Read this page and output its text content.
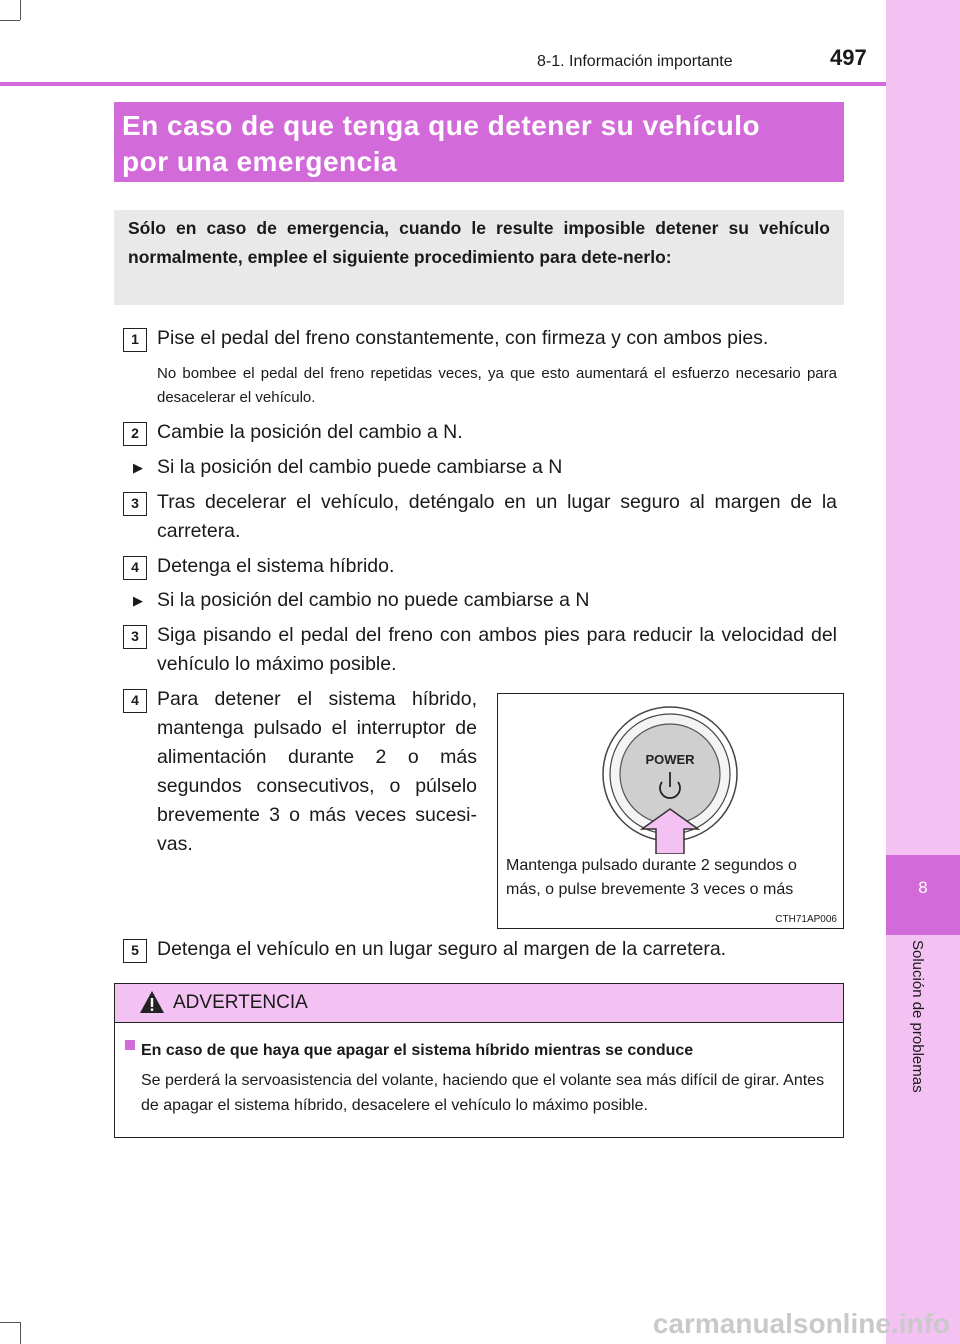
8
Solución de problemas
8-1. Información importante	497
En caso de que tenga que detener su vehículo
por una emergencia
Sólo en caso de emergencia, cuando le resulte imposible detener su vehículo normalmente, emplee el siguiente procedimiento para dete-nerlo:
1 Pise el pedal del freno constantemente, con firmeza y con ambos pies.
No bombee el pedal del freno repetidas veces, ya que esto aumentará el esfuerzo necesario para desacelerar el vehículo.
2 Cambie la posición del cambio a N.
▶ Si la posición del cambio puede cambiarse a N
3 Tras decelerar el vehículo, deténgalo en un lugar seguro al margen de la carretera.
4 Detenga el sistema híbrido.
▶ Si la posición del cambio no puede cambiarse a N
3 Siga pisando el pedal del freno con ambos pies para reducir la velocidad del vehículo lo máximo posible.
4 Para detener el sistema híbrido, mantenga pulsado el interruptor de alimentación durante 2 o más segundos consecutivos, o púlselo brevemente 3 o más veces sucesi-vas.
POWER
Mantenga pulsado durante 2 segundos o
más, o pulse brevemente 3 veces o más
CTH71AP006
5 Detenga el vehículo en un lugar seguro al margen de la carretera.
ADVERTENCIA
En caso de que haya que apagar el sistema híbrido mientras se conduce
Se perderá la servoasistencia del volante, haciendo que el volante sea más difícil de girar. Antes de apagar el sistema híbrido, desacelere el vehículo lo máximo posible.
carmanualsonline.info
